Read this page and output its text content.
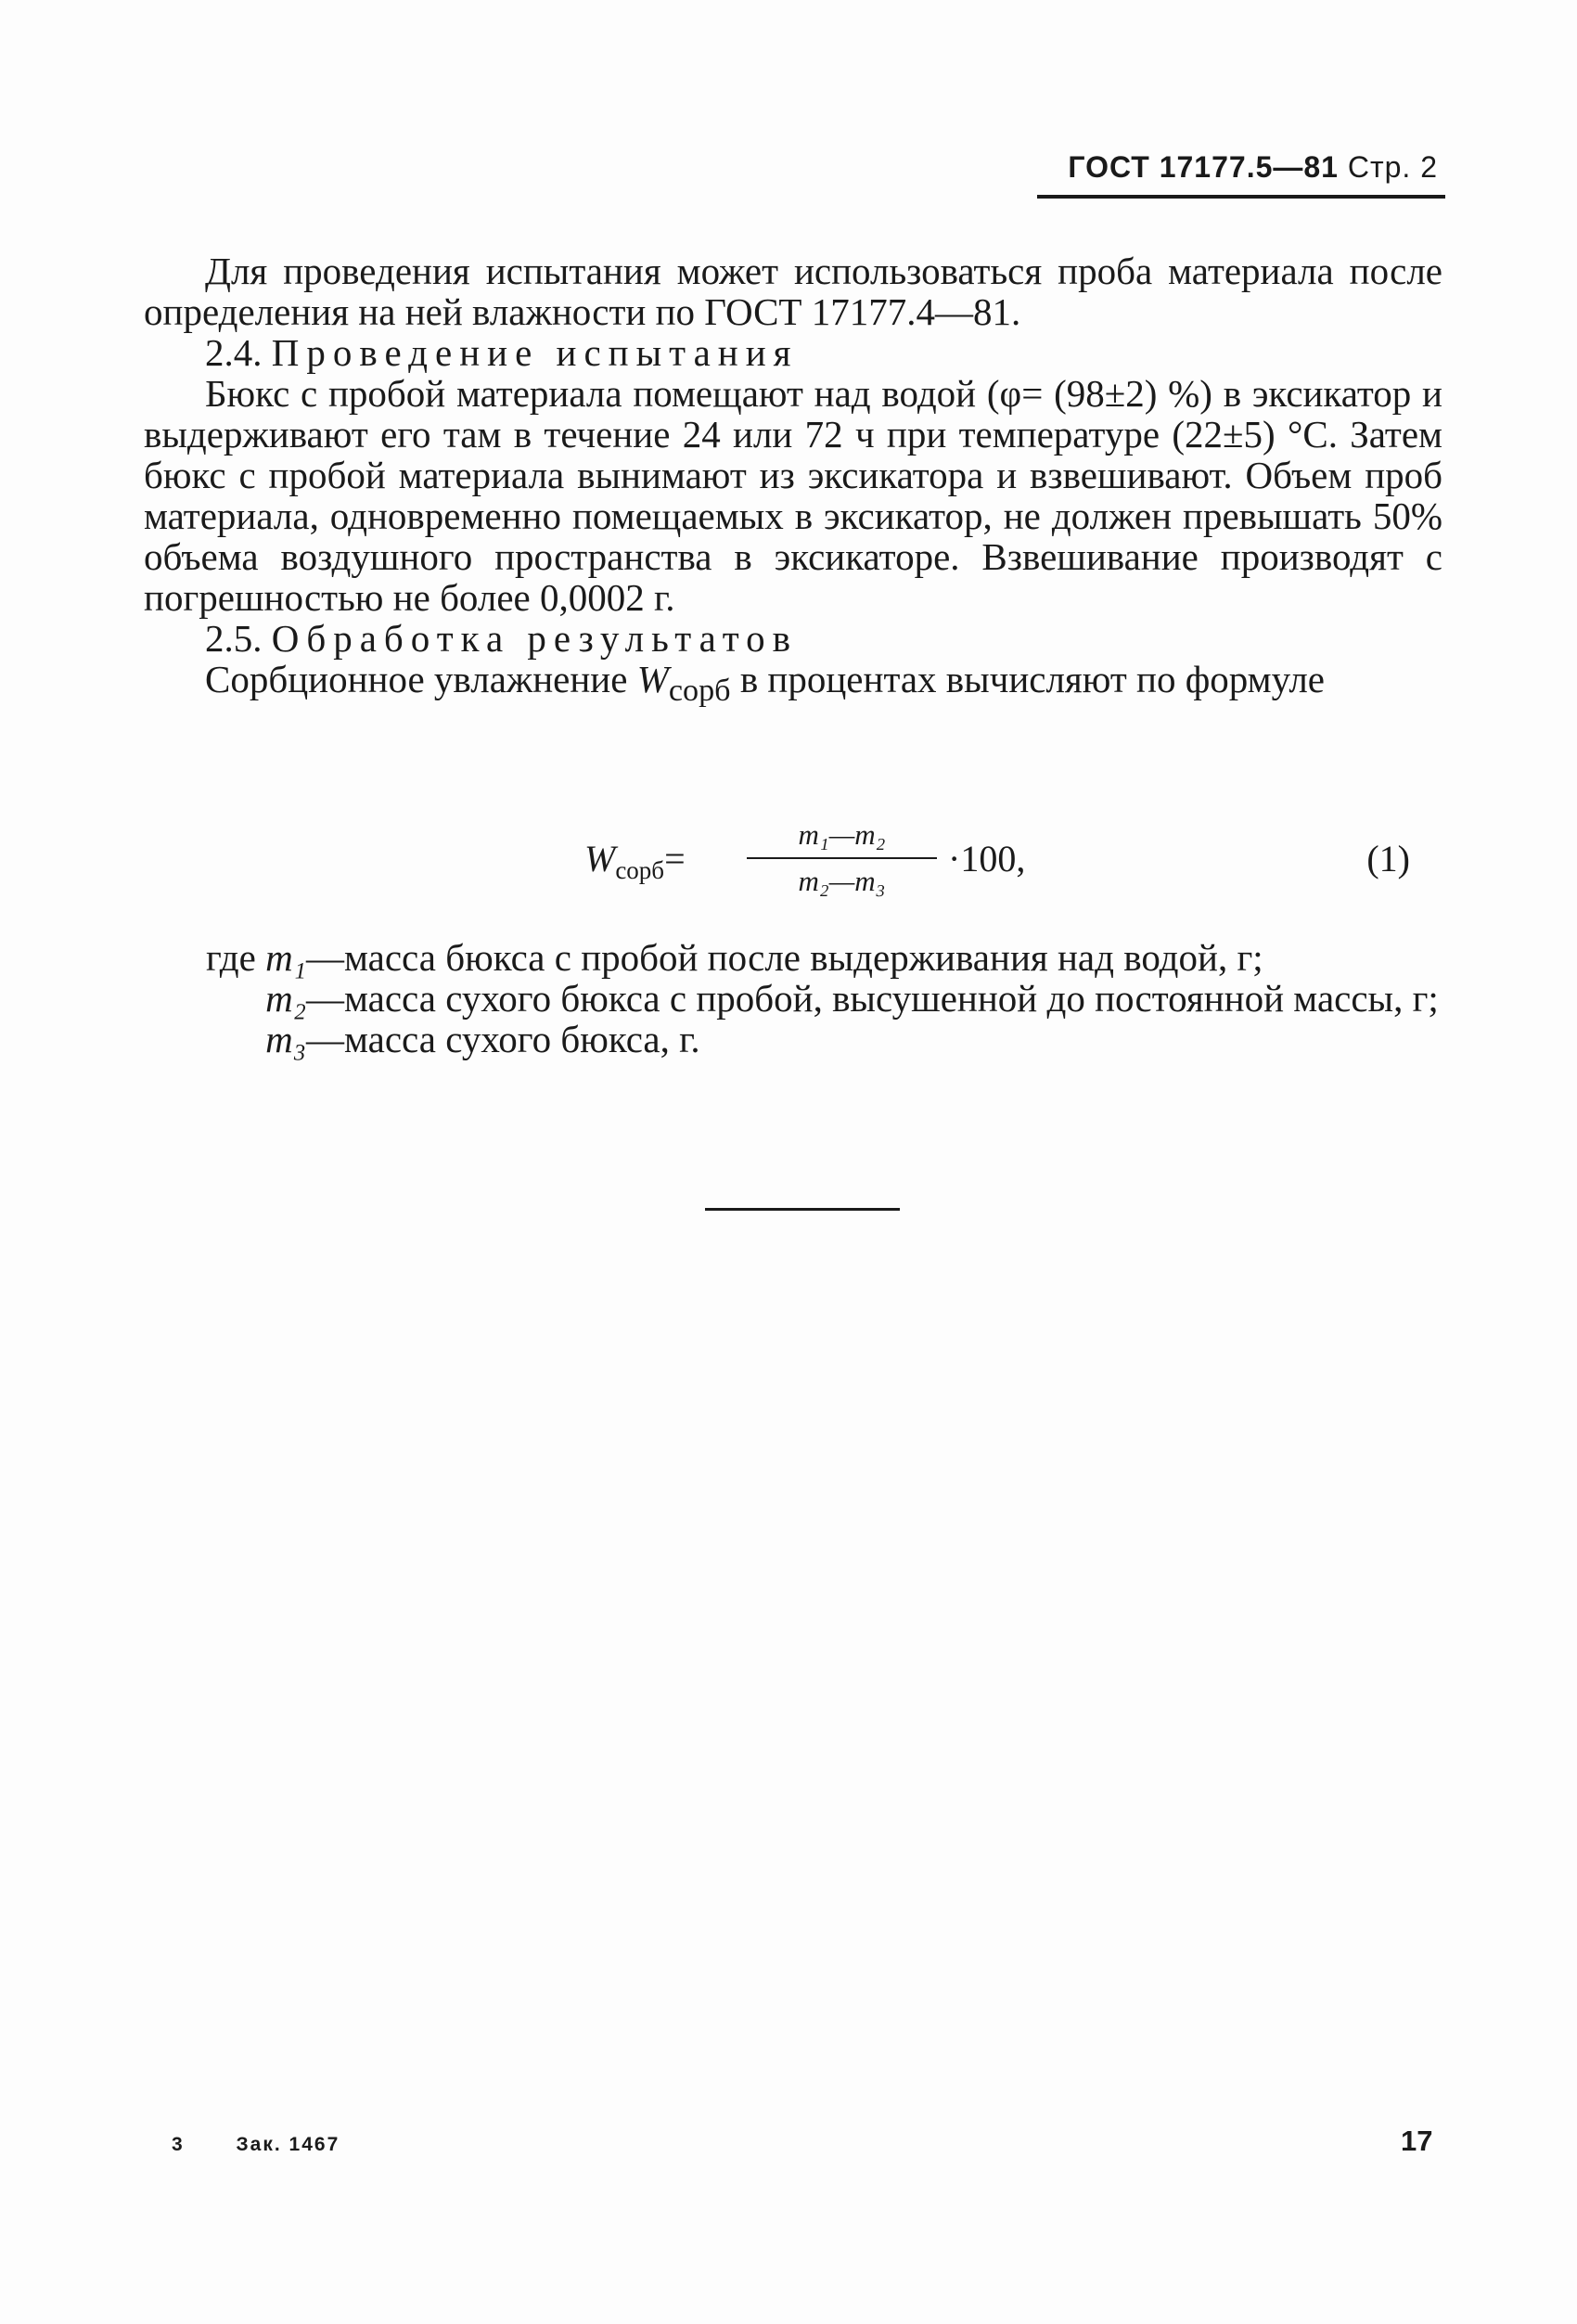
ГОСТ 17177.5—81 Стр. 2

Для проведения испытания может использоваться проба материала после определения на ней влажности по ГОСТ 17177.4—81.

2.4. Проведение испытания

Бюкс с пробой материала помещают над водой (φ= (98±2) %) в эксикатор и выдерживают его там в течение 24 или 72 ч при температуре (22±5) °С. Затем бюкс с пробой материала вынимают из эксикатора и взвешивают. Объем проб материала, одновременно помещаемых в эксикатор, не должен превышать 50% объема воздушного пространства в эксикаторе. Взвешивание производят с погрешностью не более 0,0002 г.

2.5. Обработка результатов

Сорбционное увлажнение $W_{сорб}$ в процентах вычисляют по формуле

$W_{сорб}=$
m₁—m₂
m₂—m₃
·100,	(1)
где m₁— масса бюкса с пробой после выдерживания над водой, г;
m₂— масса сухого бюкса с пробой, высушенной до постоянной массы, г;
m₃— масса сухого бюкса, г.
3	Зак. 1467	17
